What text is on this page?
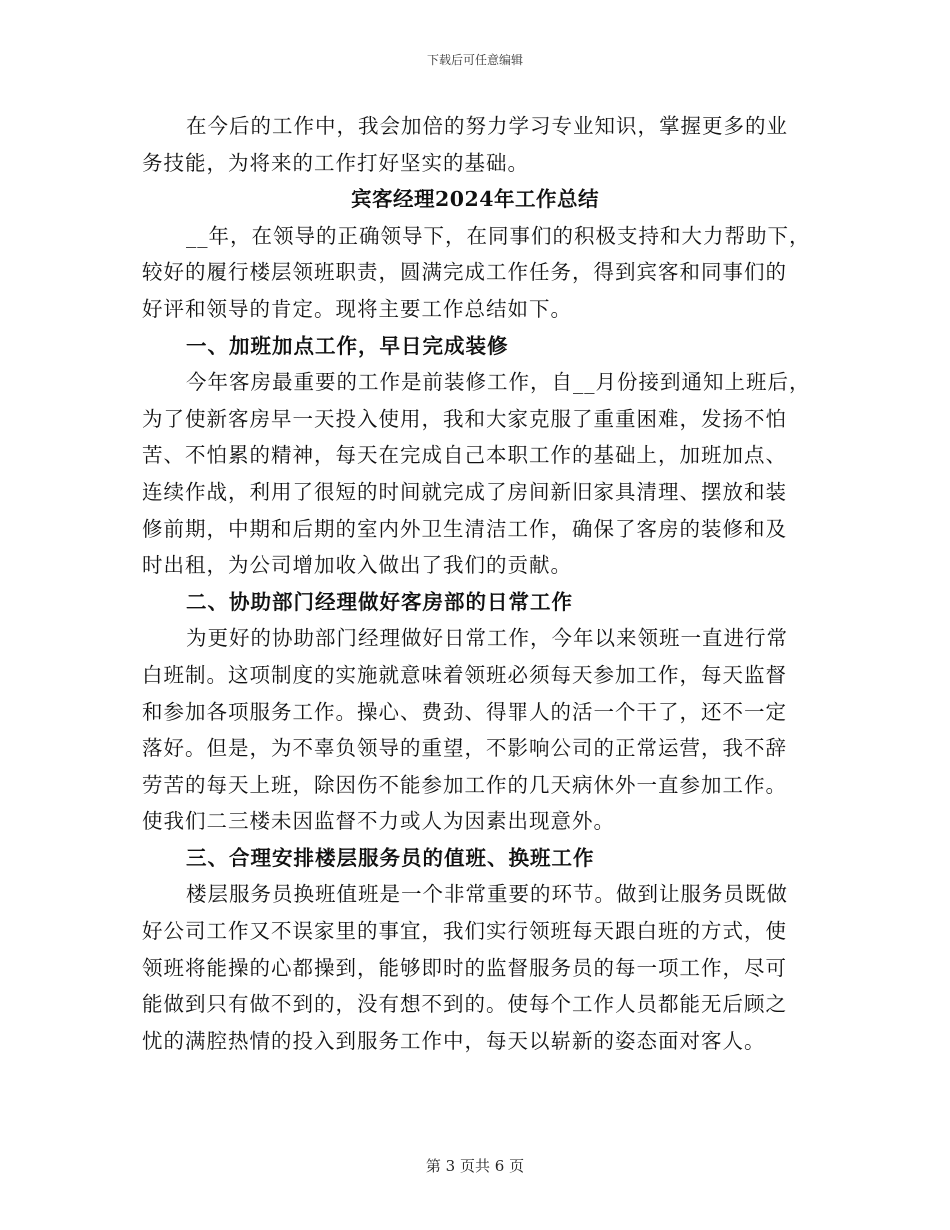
下载后可任意编辑
在今后的工作中，我会加倍的努力学习专业知识，掌握更多的业
务技能，为将来的工作打好坚实的基础。
宾客经理2024年工作总结
__年，在领导的正确领导下，在同事们的积极支持和大力帮助下，
较好的履行楼层领班职责，圆满完成工作任务，得到宾客和同事们的
好评和领导的肯定。现将主要工作总结如下。
一、加班加点工作，早日完成装修
今年客房最重要的工作是前装修工作，自__月份接到通知上班后，
为了使新客房早一天投入使用，我和大家克服了重重困难，发扬不怕
苦、不怕累的精神，每天在完成自己本职工作的基础上，加班加点、
连续作战，利用了很短的时间就完成了房间新旧家具清理、摆放和装
修前期，中期和后期的室内外卫生清洁工作，确保了客房的装修和及
时出租，为公司增加收入做出了我们的贡献。
二、协助部门经理做好客房部的日常工作
为更好的协助部门经理做好日常工作，今年以来领班一直进行常
白班制。这项制度的实施就意味着领班必须每天参加工作，每天监督
和参加各项服务工作。操心、费劲、得罪人的活一个干了，还不一定
落好。但是，为不辜负领导的重望，不影响公司的正常运营，我不辞
劳苦的每天上班，除因伤不能参加工作的几天病休外一直参加工作。
使我们二三楼未因监督不力或人为因素出现意外。
三、合理安排楼层服务员的值班、换班工作
楼层服务员换班值班是一个非常重要的环节。做到让服务员既做
好公司工作又不误家里的事宜，我们实行领班每天跟白班的方式，使
领班将能操的心都操到，能够即时的监督服务员的每一项工作，尽可
能做到只有做不到的，没有想不到的。使每个工作人员都能无后顾之
忧的满腔热情的投入到服务工作中，每天以崭新的姿态面对客人。
第 3 页共 6 页
